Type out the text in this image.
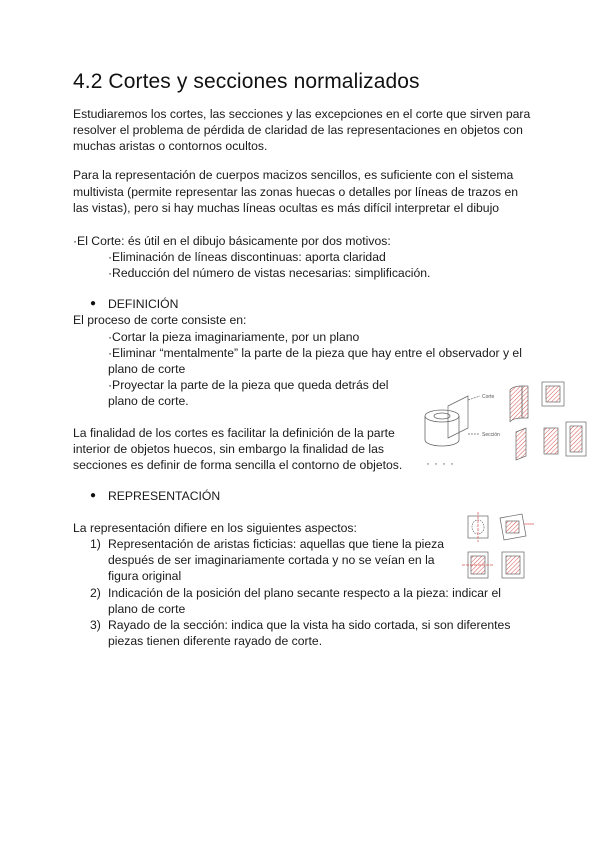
4.2 Cortes y secciones normalizados
Estudiaremos los cortes, las secciones y las excepciones en el corte que sirven para
resolver el problema de pérdida de claridad de las representaciones en objetos con
muchas aristas o contornos ocultos.
Para la representación de cuerpos macizos sencillos, es suficiente con el sistema
multivista (permite representar las zonas huecas o detalles por líneas de trazos en
las vistas), pero si hay muchas líneas ocultas es más difícil interpretar el dibujo
·El Corte: és útil en el dibujo básicamente por dos motivos:
·Eliminación de líneas discontinuas: aporta claridad
·Reducción del número de vistas necesarias: simplificación.
● DEFINICIÓN
El proceso de corte consiste en:
·Cortar la pieza imaginariamente, por un plano
·Eliminar “mentalmente” la parte de la pieza que hay entre el observador y el
plano de corte
·Proyectar la parte de la pieza que queda detrás del
plano de corte.
La finalidad de los cortes es facilitar la definición de la parte
interior de objetos huecos, sin embargo la finalidad de las
secciones es definir de forma sencilla el contorno de objetos.
● REPRESENTACIÓN
La representación difiere en los siguientes aspectos:
1) Representación de aristas ficticias: aquellas que tiene la pieza
después de ser imaginariamente cortada y no se veían en la
figura original
2) Indicación de la posición del plano secante respecto a la pieza: indicar el
plano de corte
3) Rayado de la sección: indica que la vista ha sido cortada, si son diferentes
piezas tienen diferente rayado de corte.
Corte
Sección
